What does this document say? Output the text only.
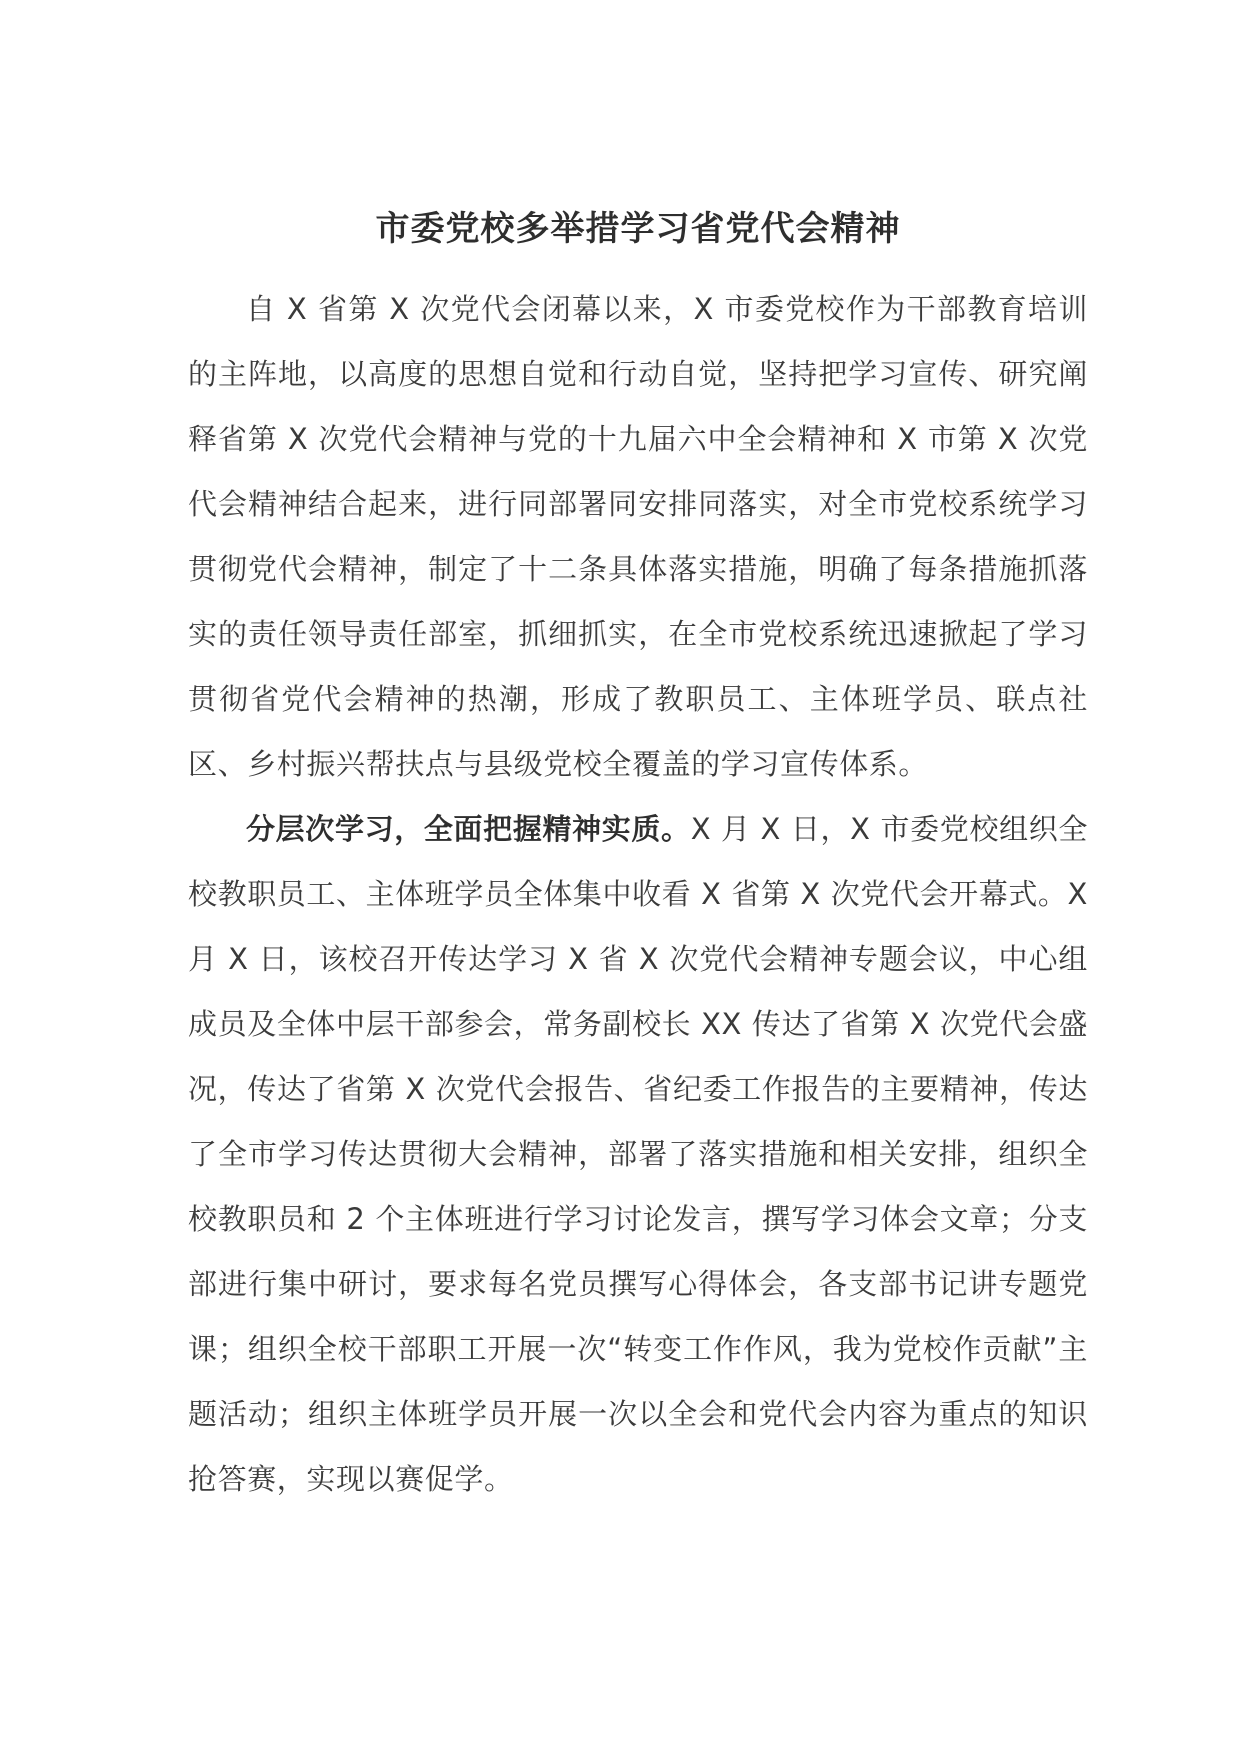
市委党校多举措学习省党代会精神

自 X 省第 X 次党代会闭幕以来，X 市委党校作为干部教育培训的主阵地，以高度的思想自觉和行动自觉，坚持把学习宣传、研究阐释省第 X 次党代会精神与党的十九届六中全会精神和 X 市第 X 次党代会精神结合起来，进行同部署同安排同落实，对全市党校系统学习贯彻党代会精神，制定了十二条具体落实措施，明确了每条措施抓落实的责任领导责任部室，抓细抓实，在全市党校系统迅速掀起了学习贯彻省党代会精神的热潮，形成了教职员工、主体班学员、联点社区、乡村振兴帮扶点与县级党校全覆盖的学习宣传体系。

分层次学习，全面把握精神实质。X 月 X 日，X 市委党校组织全校教职员工、主体班学员全体集中收看 X 省第 X 次党代会开幕式。X 月 X 日，该校召开传达学习 X 省 X 次党代会精神专题会议，中心组成员及全体中层干部参会，常务副校长 XX 传达了省第 X 次党代会盛况，传达了省第 X 次党代会报告、省纪委工作报告的主要精神，传达了全市学习传达贯彻大会精神，部署了落实措施和相关安排，组织全校教职员和 2 个主体班进行学习讨论发言，撰写学习体会文章；分支部进行集中研讨，要求每名党员撰写心得体会，各支部书记讲专题党课；组织全校干部职工开展一次“转变工作作风，我为党校作贡献”主题活动；组织主体班学员开展一次以全会和党代会内容为重点的知识抢答赛，实现以赛促学。
